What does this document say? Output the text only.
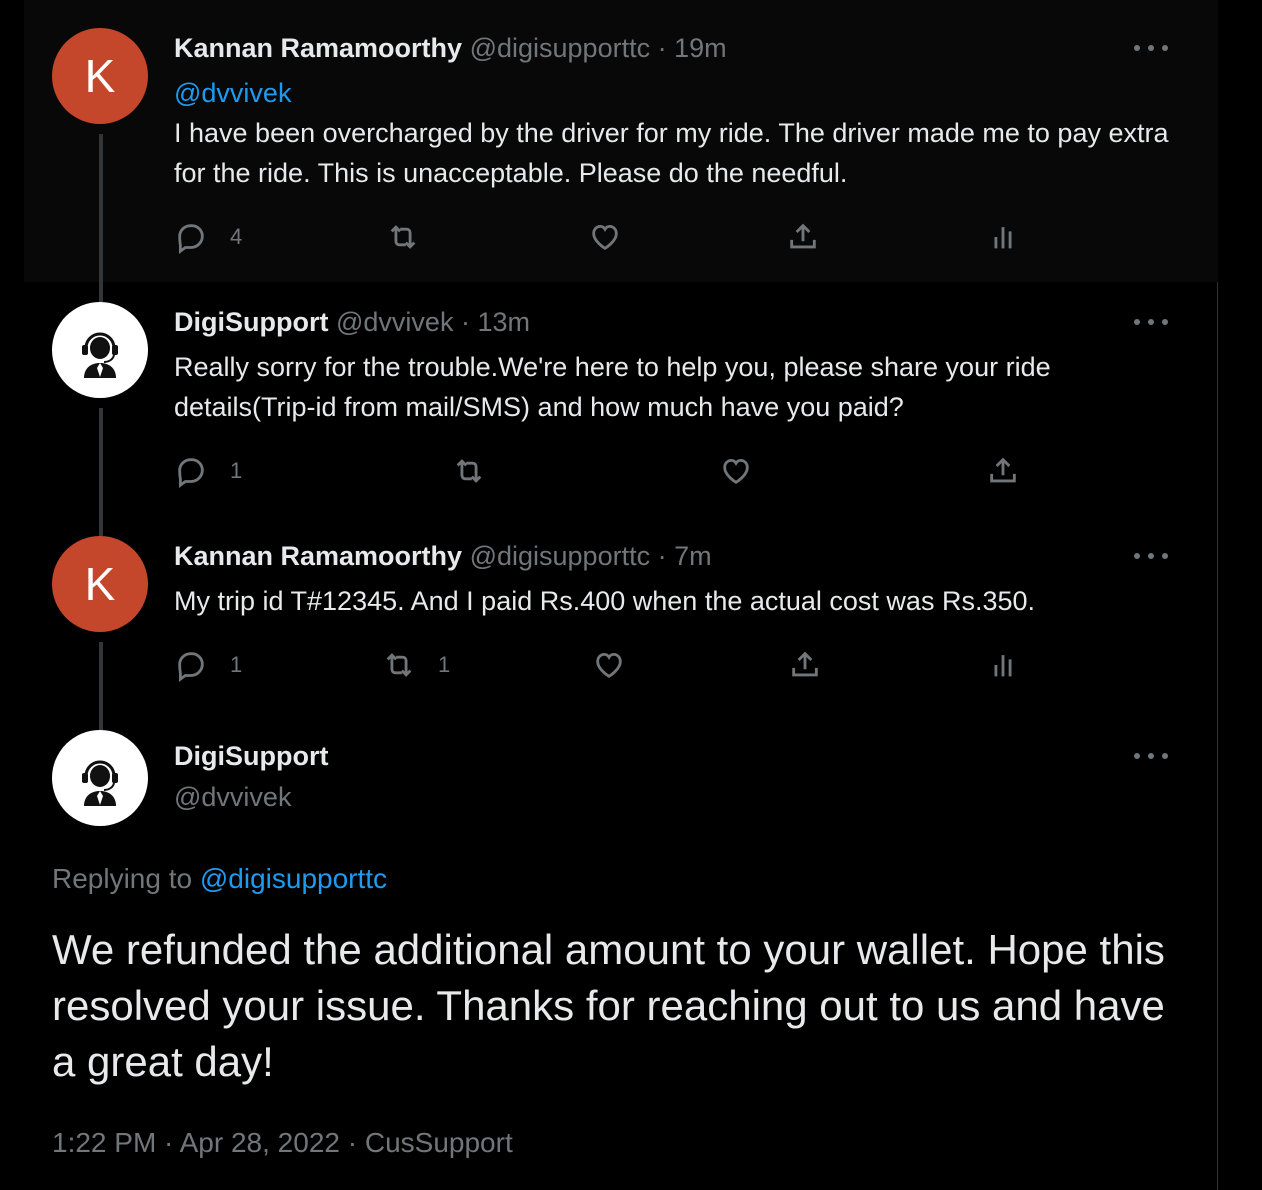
K
Kannan Ramamoorthy @digisupporttc · 19m
@dvvivek
I have been overcharged by the driver for my ride. The driver made me to pay extra for the ride. This is unacceptable. Please do the needful.
4
DigiSupport @dvvivek · 13m
Really sorry for the trouble.We're here to help you, please share your ride details(Trip-id from mail/SMS) and how much have you paid?
1
K
Kannan Ramamoorthy @digisupporttc · 7m
My trip id T#12345. And I paid Rs.400 when the actual cost was Rs.350.
1	1
DigiSupport
@dvvivek
Replying to @digisupporttc
We refunded the additional amount to your wallet. Hope this resolved your issue. Thanks for reaching out to us and have a great day!
1:22 PM · Apr 28, 2022 · CusSupport
